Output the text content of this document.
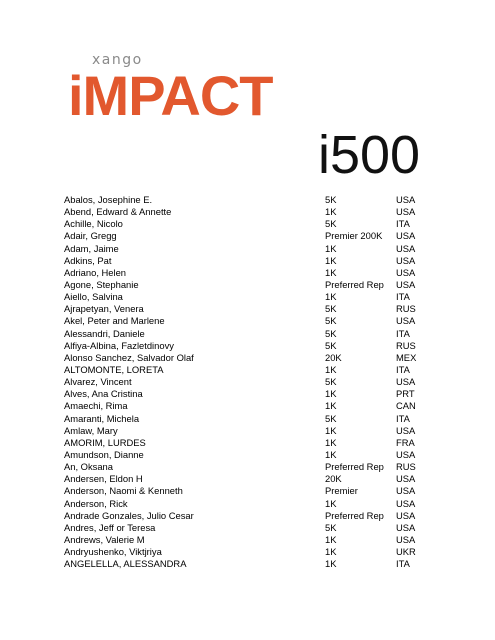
xango
iMPACT
i500
Abalos, Josephine E.	5K	USA
Abend, Edward & Annette	1K	USA
Achille, Nicolo	5K	ITA
Adair, Gregg	Premier 200K	USA
Adam, Jaime	1K	USA
Adkins, Pat	1K	USA
Adriano, Helen	1K	USA
Agone, Stephanie	Preferred Rep	USA
Aiello, Salvina	1K	ITA
Ajrapetyan, Venera	5K	RUS
Akel, Peter and Marlene	5K	USA
Alessandri, Daniele	5K	ITA
Alfiya-Albina, Fazletdinovy	5K	RUS
Alonso Sanchez, Salvador Olaf	20K	MEX
ALTOMONTE, LORETA	1K	ITA
Alvarez, Vincent	5K	USA
Alves, Ana Cristina	1K	PRT
Amaechi, Rima	1K	CAN
Amaranti, Michela	5K	ITA
Amlaw, Mary	1K	USA
AMORIM, LURDES	1K	FRA
Amundson, Dianne	1K	USA
An, Oksana	Preferred Rep	RUS
Andersen, Eldon H	20K	USA
Anderson, Naomi & Kenneth	Premier	USA
Anderson, Rick	1K	USA
Andrade Gonzales, Julio Cesar	Preferred Rep	USA
Andres, Jeff or Teresa	5K	USA
Andrews, Valerie M	1K	USA
Andryushenko, Viktjriya	1K	UKR
ANGELELLA, ALESSANDRA	1K	ITA
